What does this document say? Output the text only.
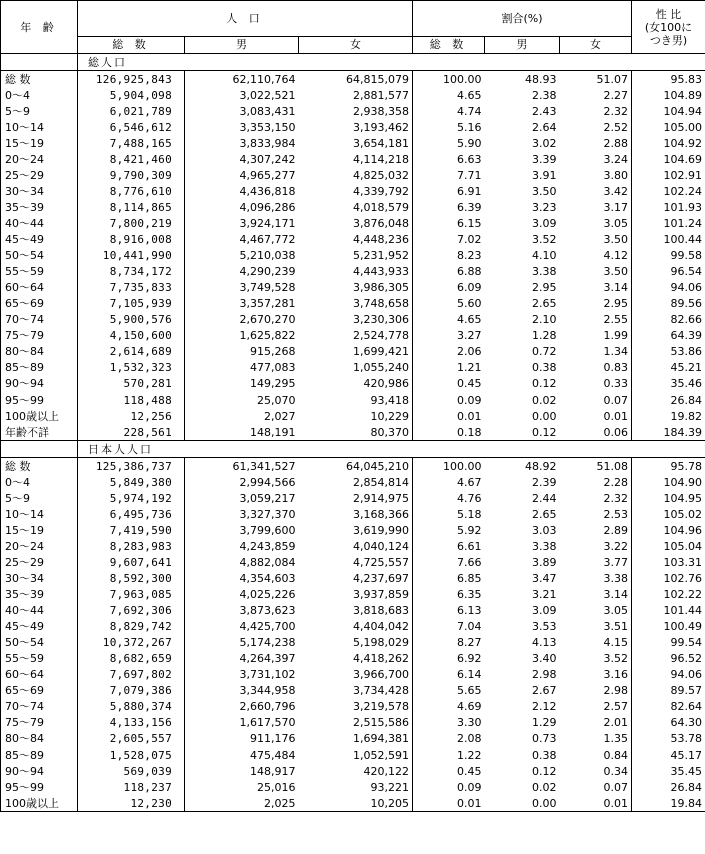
年 齢	人 口			割合(%)			性 比
(女100に
つき男)

	総 数	男	女	総 数	男	女	
	総人口						
総 数	126,925,843	62,110,764	64,815,079	100.00	48.93	51.07	95.83
0～4	5,904,098	3,022,521	2,881,577	4.65	2.38	2.27	104.89
5～9	6,021,789	3,083,431	2,938,358	4.74	2.43	2.32	104.94
10～14	6,546,612	3,353,150	3,193,462	5.16	2.64	2.52	105.00
15～19	7,488,165	3,833,984	3,654,181	5.90	3.02	2.88	104.92
20～24	8,421,460	4,307,242	4,114,218	6.63	3.39	3.24	104.69
25～29	9,790,309	4,965,277	4,825,032	7.71	3.91	3.80	102.91
30～34	8,776,610	4,436,818	4,339,792	6.91	3.50	3.42	102.24
35～39	8,114,865	4,096,286	4,018,579	6.39	3.23	3.17	101.93
40～44	7,800,219	3,924,171	3,876,048	6.15	3.09	3.05	101.24
45～49	8,916,008	4,467,772	4,448,236	7.02	3.52	3.50	100.44
50～54	10,441,990	5,210,038	5,231,952	8.23	4.10	4.12	99.58
55～59	8,734,172	4,290,239	4,443,933	6.88	3.38	3.50	96.54
60～64	7,735,833	3,749,528	3,986,305	6.09	2.95	3.14	94.06
65～69	7,105,939	3,357,281	3,748,658	5.60	2.65	2.95	89.56
70～74	5,900,576	2,670,270	3,230,306	4.65	2.10	2.55	82.66
75～79	4,150,600	1,625,822	2,524,778	3.27	1.28	1.99	64.39
80～84	2,614,689	915,268	1,699,421	2.06	0.72	1.34	53.86
85～89	1,532,323	477,083	1,055,240	1.21	0.38	0.83	45.21
90～94	570,281	149,295	420,986	0.45	0.12	0.33	35.46
95～99	118,488	25,070	93,418	0.09	0.02	0.07	26.84
100歳以上	12,256	2,027	10,229	0.01	0.00	0.01	19.82
年齢不詳	228,561	148,191	80,370	0.18	0.12	0.06	184.39
	日本人人口						
総 数	125,386,737	61,341,527	64,045,210	100.00	48.92	51.08	95.78
0～4	5,849,380	2,994,566	2,854,814	4.67	2.39	2.28	104.90
5～9	5,974,192	3,059,217	2,914,975	4.76	2.44	2.32	104.95
10～14	6,495,736	3,327,370	3,168,366	5.18	2.65	2.53	105.02
15～19	7,419,590	3,799,600	3,619,990	5.92	3.03	2.89	104.96
20～24	8,283,983	4,243,859	4,040,124	6.61	3.38	3.22	105.04
25～29	9,607,641	4,882,084	4,725,557	7.66	3.89	3.77	103.31
30～34	8,592,300	4,354,603	4,237,697	6.85	3.47	3.38	102.76
35～39	7,963,085	4,025,226	3,937,859	6.35	3.21	3.14	102.22
40～44	7,692,306	3,873,623	3,818,683	6.13	3.09	3.05	101.44
45～49	8,829,742	4,425,700	4,404,042	7.04	3.53	3.51	100.49
50～54	10,372,267	5,174,238	5,198,029	8.27	4.13	4.15	99.54
55～59	8,682,659	4,264,397	4,418,262	6.92	3.40	3.52	96.52
60～64	7,697,802	3,731,102	3,966,700	6.14	2.98	3.16	94.06
65～69	7,079,386	3,344,958	3,734,428	5.65	2.67	2.98	89.57
70～74	5,880,374	2,660,796	3,219,578	4.69	2.12	2.57	82.64
75～79	4,133,156	1,617,570	2,515,586	3.30	1.29	2.01	64.30
80～84	2,605,557	911,176	1,694,381	2.08	0.73	1.35	53.78
85～89	1,528,075	475,484	1,052,591	1.22	0.38	0.84	45.17
90～94	569,039	148,917	420,122	0.45	0.12	0.34	35.45
95～99	118,237	25,016	93,221	0.09	0.02	0.07	26.84
100歳以上	12,230	2,025	10,205	0.01	0.00	0.01	19.84
